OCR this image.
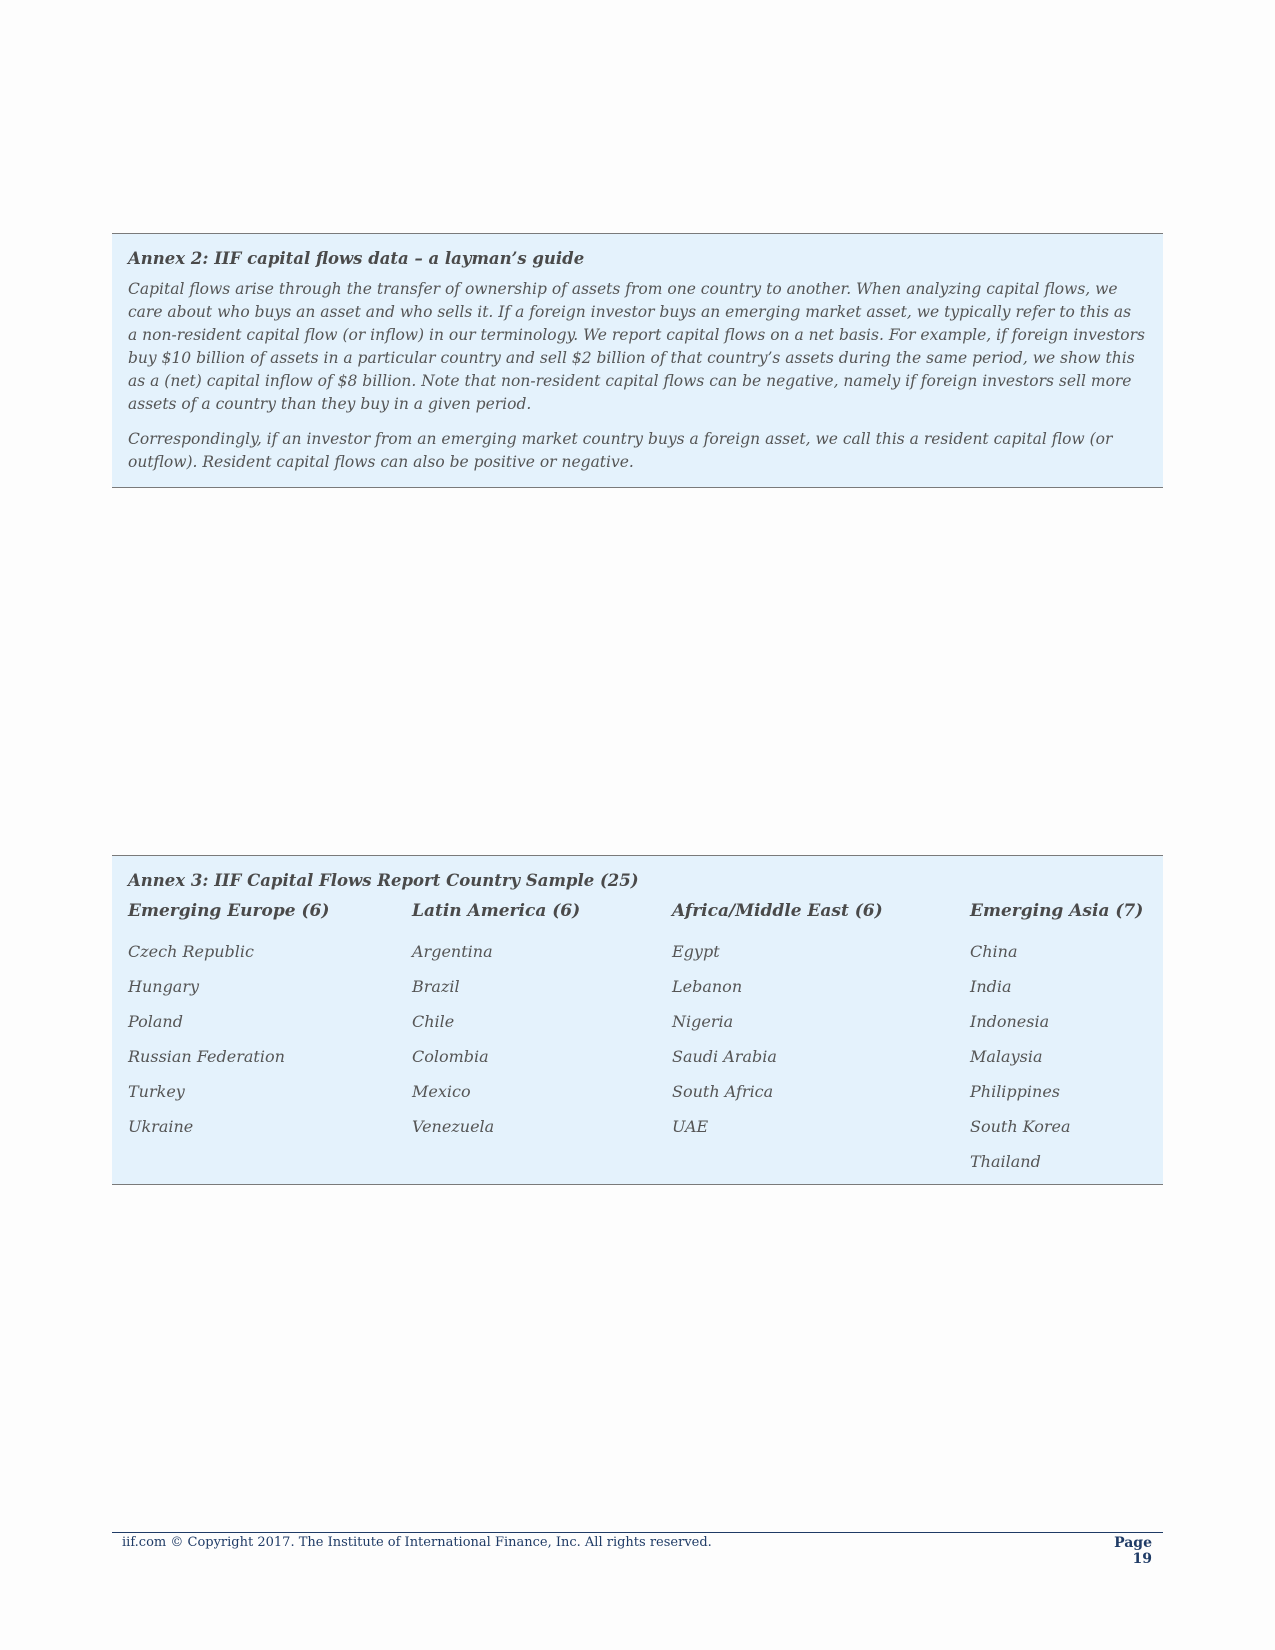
Annex 2: IIF capital flows data – a layman’s guide

Capital flows arise through the transfer of ownership of assets from one country to another. When analyzing capital flows, we care about who buys an asset and who sells it. If a foreign investor buys an emerging market asset, we typically refer to this as a non-resident capital flow (or inflow) in our terminology. We report capital flows on a net basis. For example, if foreign investors buy $10 billion of assets in a particular country and sell $2 billion of that country’s assets during the same period, we show this as a (net) capital inflow of $8 billion. Note that non-resident capital flows can be negative, namely if foreign investors sell more assets of a country than they buy in a given period.

Correspondingly, if an investor from an emerging market country buys a foreign asset, we call this a resident capital flow (or outflow). Resident capital flows can also be positive or negative.

Annex 3: IIF Capital Flows Report Country Sample (25)
Emerging Europe (6)
Czech Republic
Hungary
Poland
Russian Federation
Turkey
Ukraine
Latin America (6)
Argentina
Brazil
Chile
Colombia
Mexico
Venezuela
Africa/Middle East (6)
Egypt
Lebanon
Nigeria
Saudi Arabia
South Africa
UAE
Emerging Asia (7)
China
India
Indonesia
Malaysia
Philippines
South Korea
Thailand
iif.com © Copyright 2017. The Institute of International Finance, Inc. All rights reserved.	Page 19
